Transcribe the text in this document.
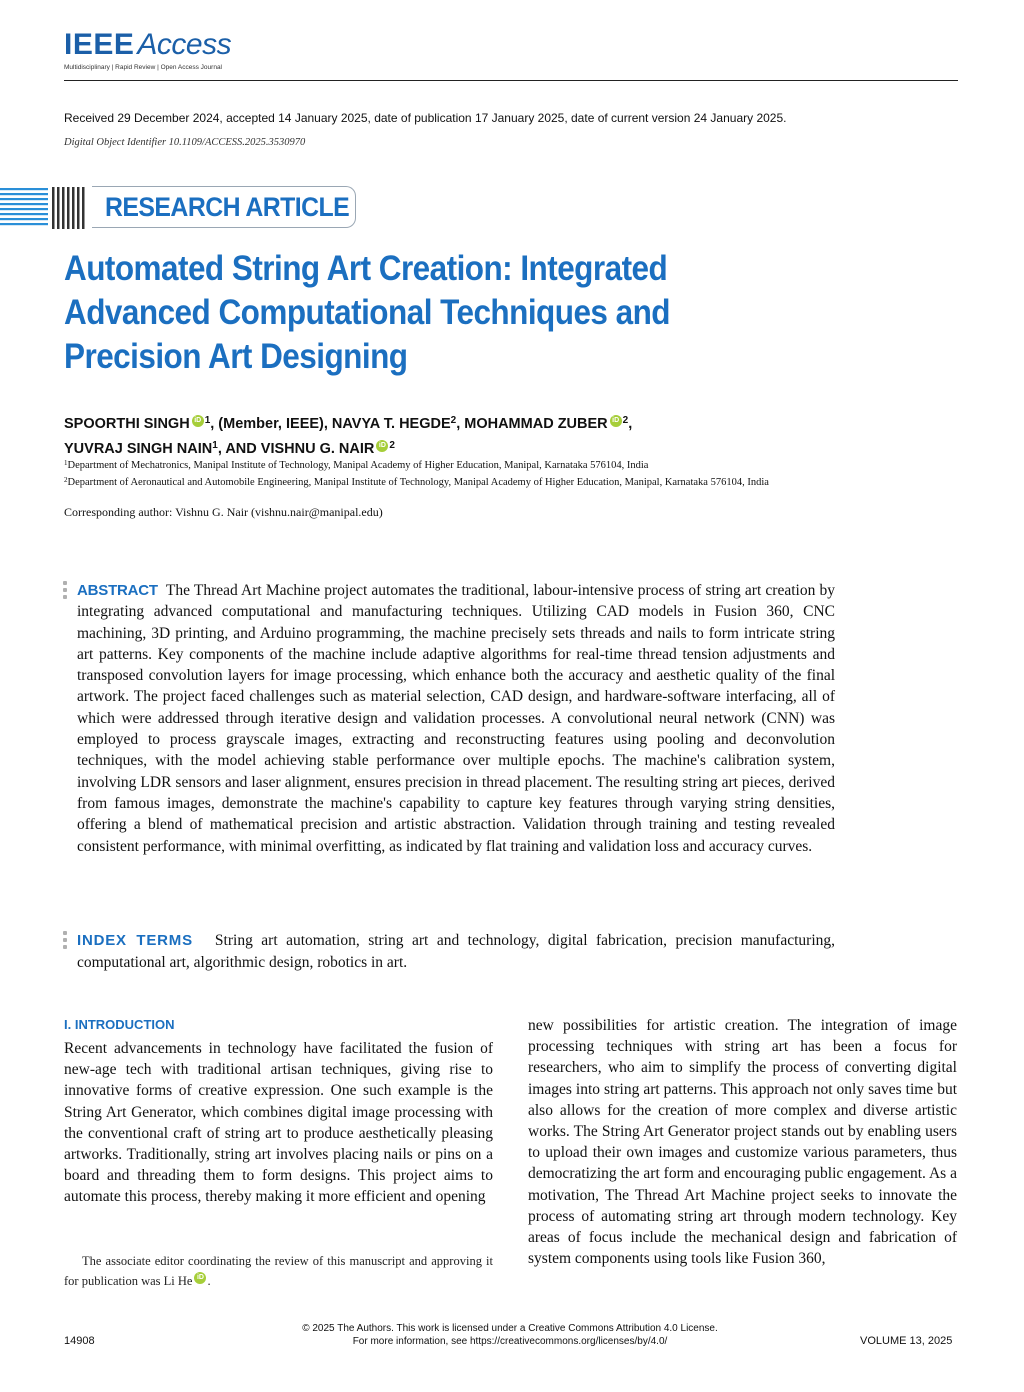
IEEE Access
Multidisciplinary | Rapid Review | Open Access Journal
Received 29 December 2024, accepted 14 January 2025, date of publication 17 January 2025, date of current version 24 January 2025.
Digital Object Identifier 10.1109/ACCESS.2025.3530970
RESEARCH ARTICLE
Automated String Art Creation: Integrated
Advanced Computational Techniques and
Precision Art Designing
SPOORTHI SINGH iD $^1$, (Member, IEEE), NAVYA T. HEGDE$^2$, MOHAMMAD ZUBER iD $^2$,
YUVRAJ SINGH NAIN$^1$, AND VISHNU G. NAIR iD $^2$
$^1$Department of Mechatronics, Manipal Institute of Technology, Manipal Academy of Higher Education, Manipal, Karnataka 576104, India
$^2$Department of Aeronautical and Automobile Engineering, Manipal Institute of Technology, Manipal Academy of Higher Education, Manipal, Karnataka 576104, India
Corresponding author: Vishnu G. Nair (vishnu.nair@manipal.edu)
ABSTRACT The Thread Art Machine project automates the traditional, labour-intensive process of string art creation by integrating advanced computational and manufacturing techniques. Utilizing CAD models in Fusion 360, CNC machining, 3D printing, and Arduino programming, the machine precisely sets threads and nails to form intricate string art patterns. Key components of the machine include adaptive algorithms for real-time thread tension adjustments and transposed convolution layers for image processing, which enhance both the accuracy and aesthetic quality of the final artwork. The project faced challenges such as material selection, CAD design, and hardware-software interfacing, all of which were addressed through iterative design and validation processes. A convolutional neural network (CNN) was employed to process grayscale images, extracting and reconstructing features using pooling and deconvolution techniques, with the model achieving stable performance over multiple epochs. The machine's calibration system, involving LDR sensors and laser alignment, ensures precision in thread placement. The resulting string art pieces, derived from famous images, demonstrate the machine's capability to capture key features through varying string densities, offering a blend of mathematical precision and artistic abstraction. Validation through training and testing revealed consistent performance, with minimal overfitting, as indicated by flat training and validation loss and accuracy curves.
INDEX TERMS String art automation, string art and technology, digital fabrication, precision manufacturing, computational art, algorithmic design, robotics in art.
I. INTRODUCTION
Recent advancements in technology have facilitated the fusion of new-age tech with traditional artisan techniques, giving rise to innovative forms of creative expression. One such example is the String Art Generator, which combines digital image processing with the conventional craft of string art to produce aesthetically pleasing artworks. Traditionally, string art involves placing nails or pins on a board and threading them to form designs. This project aims to automate this process, thereby making it more efficient and opening
new possibilities for artistic creation. The integration of image processing techniques with string art has been a focus for researchers, who aim to simplify the process of converting digital images into string art patterns. This approach not only saves time but also allows for the creation of more complex and diverse artistic works. The String Art Generator project stands out by enabling users to upload their own images and customize various parameters, thus democratizing the art form and encouraging public engagement. As a motivation, The Thread Art Machine project seeks to innovate the process of automating string art through modern technology. Key areas of focus include the mechanical design and fabrication of system components using tools like Fusion 360,
The associate editor coordinating the review of this manuscript and approving it for publication was Li He iD .
© 2025 The Authors. This work is licensed under a Creative Commons Attribution 4.0 License.
For more information, see https://creativecommons.org/licenses/by/4.0/
14908	VOLUME 13, 2025
